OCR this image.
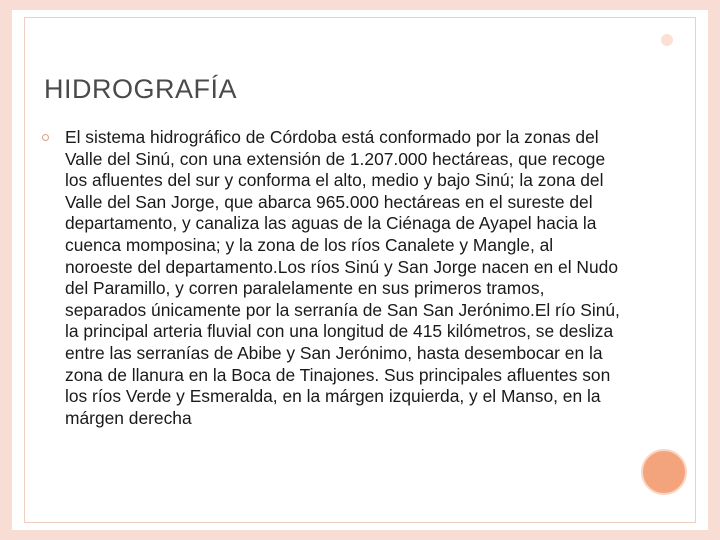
HIDROGRAFÍA

El sistema hidrográfico de Córdoba está conformado por la zonas del Valle del Sinú, con una extensión de 1.207.000 hectáreas, que recoge los afluentes del sur y conforma el alto, medio y bajo Sinú; la zona del Valle del San Jorge, que abarca 965.000 hectáreas en el sureste del departamento, y canaliza las aguas de la Ciénaga de Ayapel hacia la cuenca momposina; y la zona de los ríos Canalete y Mangle, al noroeste del departamento.Los ríos Sinú y San Jorge nacen en el Nudo del Paramillo, y corren paralelamente en sus primeros tramos, separados únicamente por la serranía de San San Jerónimo.El río Sinú, la principal arteria fluvial con una longitud de 415 kilómetros, se desliza entre las serranías de Abibe y San Jerónimo, hasta desembocar en la zona de llanura en la Boca de Tinajones. Sus principales afluentes son los ríos Verde y Esmeralda, en la márgen izquierda, y el Manso, en la márgen derecha
